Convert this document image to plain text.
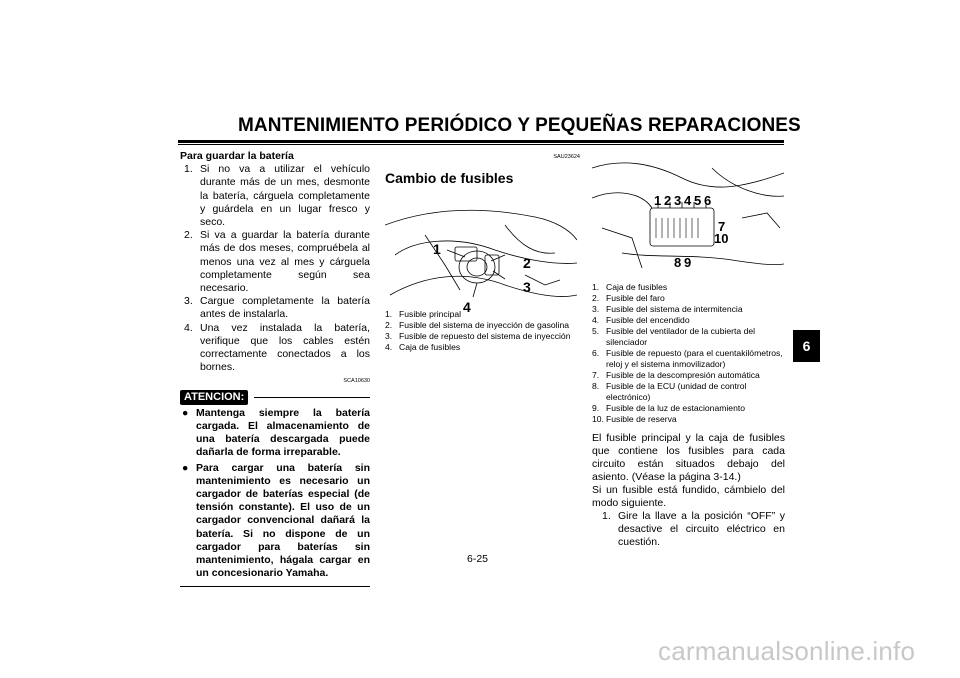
MANTENIMIENTO PERIÓDICO Y PEQUEÑAS REPARACIONES
6
Para guardar la batería
1. Si no va a utilizar el vehículo durante más de un mes, desmonte la batería, cárguela completamente y guárdela en un lugar fresco y seco.
2. Si va a guardar la batería durante más de dos meses, compruébela al menos una vez al mes y cárguela completamente según sea necesario.
3. Cargue completamente la batería antes de instalarla.
4. Una vez instalada la batería, verifique que los cables estén correctamente conectados a los bornes.
SCA10630
ATENCION:
● Mantenga siempre la batería cargada. El almacenamiento de una batería descargada puede dañarla de forma irreparable.
● Para cargar una batería sin mantenimiento es necesario un cargador de baterías especial (de tensión constante). El uso de un cargador convencional dañará la batería. Si no dispone de un cargador para baterías sin mantenimiento, hágala cargar en un concesionario Yamaha.
SAU23624
Cambio de fusibles
1
2
3
4
1. Fusible principal
2. Fusible del sistema de inyección de gasolina
3. Fusible de repuesto del sistema de inyección
4. Caja de fusibles
1 2 3 4 5 6
7
10
8 9
1. Caja de fusibles
2. Fusible del faro
3. Fusible del sistema de intermitencia
4. Fusible del encendido
5. Fusible del ventilador de la cubierta del silenciador
6. Fusible de repuesto (para el cuentakilómetros, reloj y el sistema inmovilizador)
7. Fusible de la descompresión automática
8. Fusible de la ECU (unidad de control electrónico)
9. Fusible de la luz de estacionamiento
10. Fusible de reserva
El fusible principal y la caja de fusibles que contiene los fusibles para cada circuito están situados debajo del asiento. (Véase la página 3-14.)
Si un fusible está fundido, cámbielo del modo siguiente.
1. Gire la llave a la posición “OFF” y desactive el circuito eléctrico en cuestión.
6-25
carmanualsonline.info
